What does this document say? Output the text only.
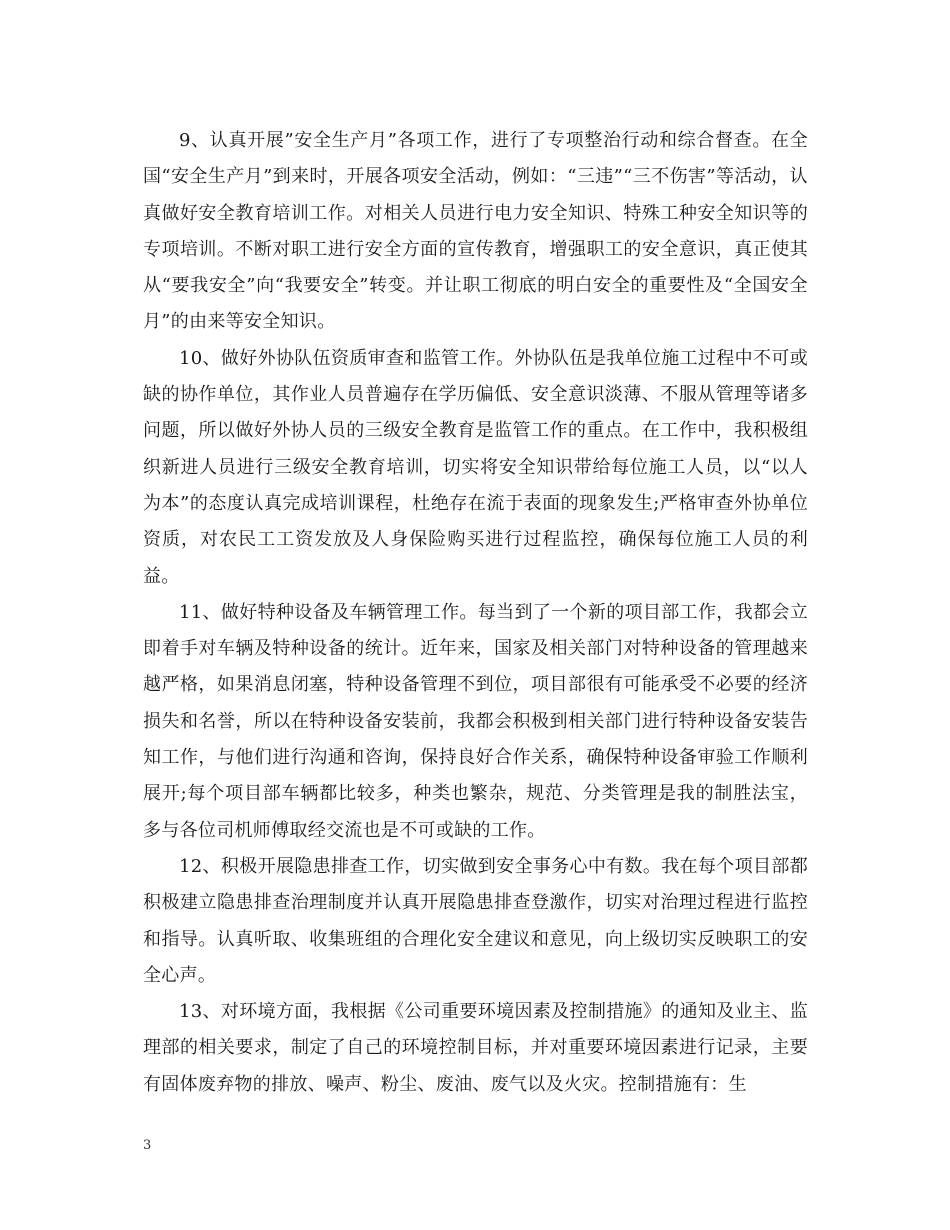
9、认真开展”安全生产月”各项工作，进行了专项整治行动和综合督查。在全国“安全生产月”到来时，开展各项安全活动，例如：“三违”“三不伤害”等活动，认真做好安全教育培训工作。对相关人员进行电力安全知识、特殊工种安全知识等的专项培训。不断对职工进行安全方面的宣传教育，增强职工的安全意识，真正使其从“要我安全”向“我要安全”转变。并让职工彻底的明白安全的重要性及“全国安全月”的由来等安全知识。

10、做好外协队伍资质审查和监管工作。外协队伍是我单位施工过程中不可或缺的协作单位，其作业人员普遍存在学历偏低、安全意识淡薄、不服从管理等诸多问题，所以做好外协人员的三级安全教育是监管工作的重点。在工作中，我积极组织新进人员进行三级安全教育培训，切实将安全知识带给每位施工人员，以“以人为本”的态度认真完成培训课程，杜绝存在流于表面的现象发生;严格审查外协单位资质，对农民工工资发放及人身保险购买进行过程监控，确保每位施工人员的利益。

11、做好特种设备及车辆管理工作。每当到了一个新的项目部工作，我都会立即着手对车辆及特种设备的统计。近年来，国家及相关部门对特种设备的管理越来越严格，如果消息闭塞，特种设备管理不到位，项目部很有可能承受不必要的经济损失和名誉，所以在特种设备安装前，我都会积极到相关部门进行特种设备安装告知工作，与他们进行沟通和咨询，保持良好合作关系，确保特种设备审验工作顺利展开;每个项目部车辆都比较多，种类也繁杂，规范、分类管理是我的制胜法宝，多与各位司机师傅取经交流也是不可或缺的工作。

12、积极开展隐患排查工作，切实做到安全事务心中有数。我在每个项目部都积极建立隐患排查治理制度并认真开展隐患排查登激作，切实对治理过程进行监控和指导。认真听取、收集班组的合理化安全建议和意见，向上级切实反映职工的安全心声。

13、对环境方面，我根据《公司重要环境因素及控制措施》的通知及业主、监理部的相关要求，制定了自己的环境控制目标，并对重要环境因素进行记录，主要有固体废弃物的排放、噪声、粉尘、废油、废气以及火灾。控制措施有：生

3
